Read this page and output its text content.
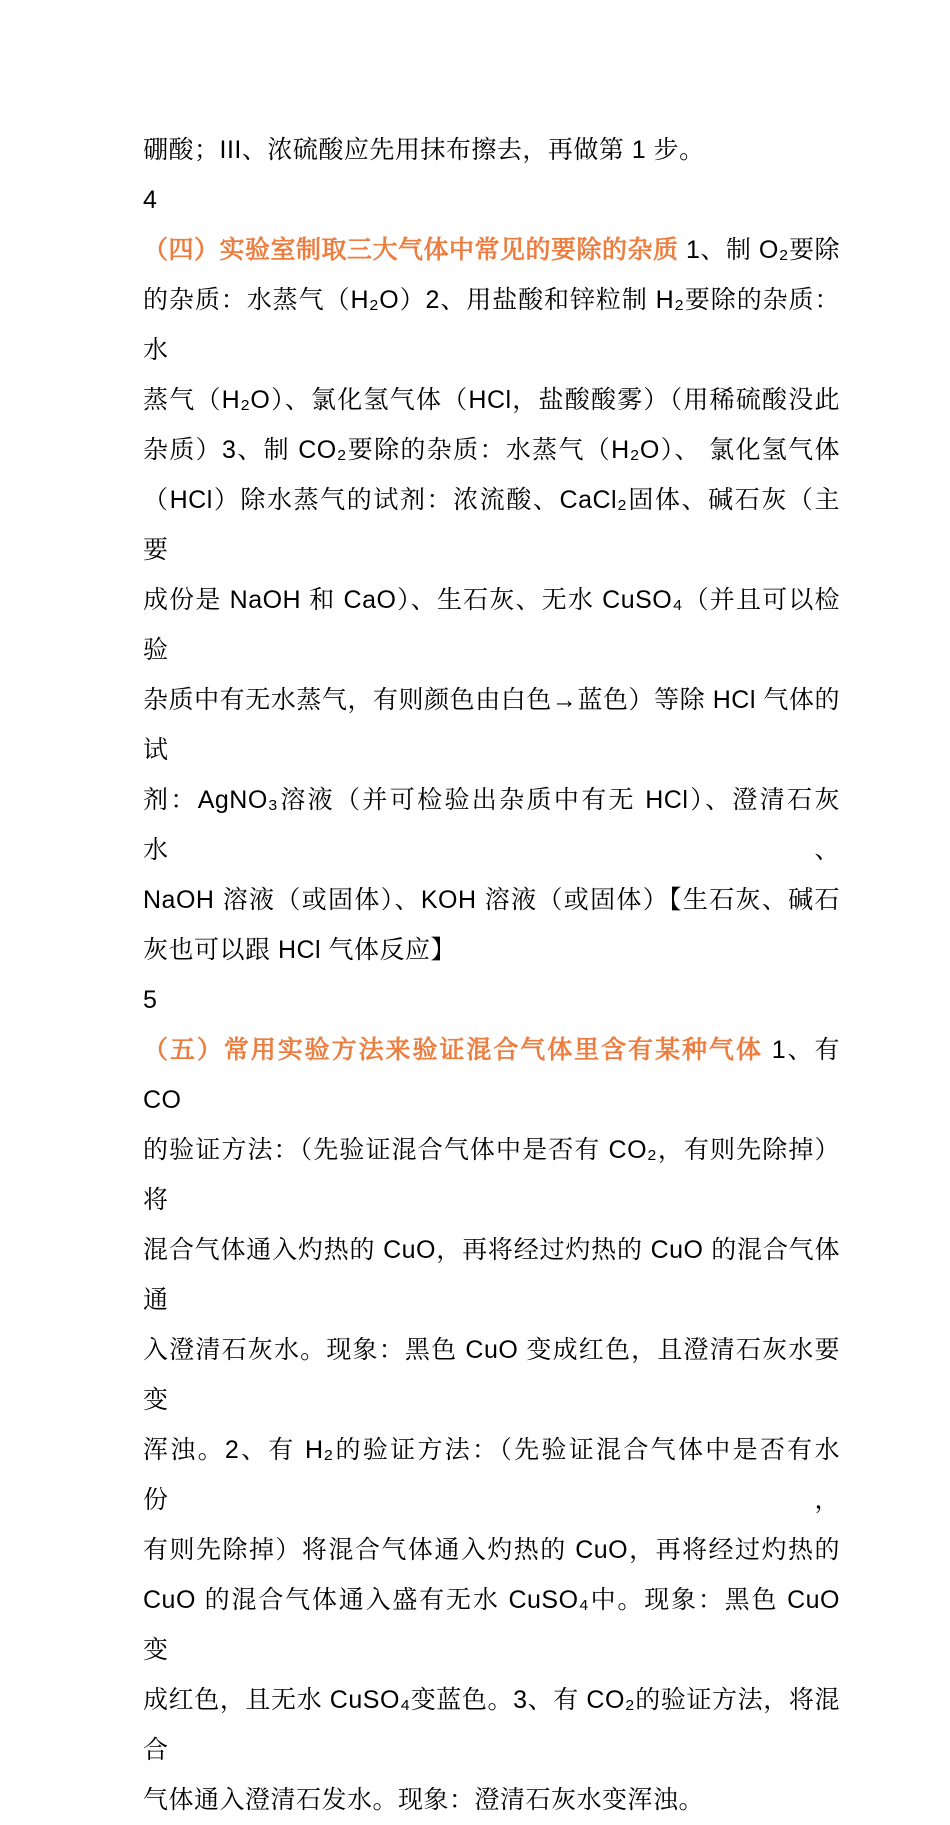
硼酸；III、浓硫酸应先用抹布擦去，再做第 1 步。
4
（四）实验室制取三大气体中常见的要除的杂质 1、制 O₂要除
的杂质：水蒸气（H₂O）2、用盐酸和锌粒制 H₂要除的杂质：水
蒸气（H₂O）、氯化氢气体（HCl，盐酸酸雾）（用稀硫酸没此
杂质）3、制 CO₂要除的杂质：水蒸气（H₂O）、 氯化氢气体
（HCl）除水蒸气的试剂：浓流酸、CaCl₂固体、碱石灰（主要
成份是 NaOH 和 CaO）、生石灰、无水 CuSO₄（并且可以检验
杂质中有无水蒸气，有则颜色由白色→蓝色）等除 HCl 气体的试
剂：AgNO₃溶液（并可检验出杂质中有无 HCl）、澄清石灰水、
NaOH 溶液（或固体）、KOH 溶液（或固体）【生石灰、碱石
灰也可以跟 HCl 气体反应】
5
（五）常用实验方法来验证混合气体里含有某种气体 1、有 CO
的验证方法：（先验证混合气体中是否有 CO₂，有则先除掉）将
混合气体通入灼热的 CuO，再将经过灼热的 CuO 的混合气体通
入澄清石灰水。现象：黑色 CuO 变成红色，且澄清石灰水要变
浑浊。2、有 H₂的验证方法：（先验证混合气体中是否有水份，
有则先除掉）将混合气体通入灼热的 CuO，再将经过灼热的
CuO 的混合气体通入盛有无水 CuSO₄中。现象：黑色 CuO 变
成红色，且无水 CuSO₄变蓝色。3、有 CO₂的验证方法，将混合
气体通入澄清石发水。现象：澄清石灰水变浑浊。
